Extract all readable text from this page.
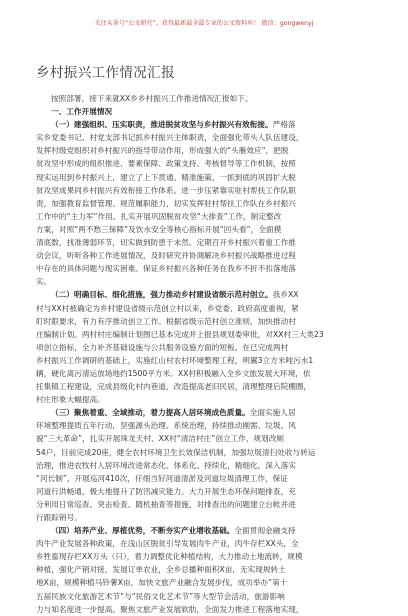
关注头条号“公文研究”，获得最新最全最专业的公文资料库！ 微信：gongwenyj
乡村振兴工作情况汇报
按照部署，接下来就XX乡乡村振兴工作推进情况汇报如下。
一、工作开展情况
（一）建强组织、压实职责，推进脱贫攻坚与乡村振兴有效衔接。严格落
实乡党委书记、村党支部书记抓乡村振兴主体职责，全面强化带头人队伍建设，
发挥村级党组织对乡村振兴的指导带动作用，形成强大的“头雁效应”，把脱
贫攻坚中形成的组织推进、要素保障、政策支持、考核督导等工作机制，按照
现实运用到乡村振兴上，建立了上下贯通、精准施策、一抓到底的巩固扩大脱
贫攻坚成果同乡村振兴有效衔接工作体系。进一步压紧靠实驻村帮扶工作队职
责，加强教育监督管理、规范履职能力，切实发挥驻村帮扶工作队在乡村振兴
工作中的“主力军”作用。扎实开展巩固脱贫攻坚“大排查”工作，制定整改
方案，对照“两不愁三保障”及饮水安全等核心指标开展“回头看”，全面摸
清底数，找准薄弱环节，切实做到防患于未然。定期召开乡村振兴着重工作推
动会议，听听各种工作进展情况，及时研究并协调解决乡村振兴战略推进过程
中存在的具体问题与现实困难。保证乡村振兴各种任务在我乡不折不扣落地落
实。
（二）明确目标、细化措施，强力推动乡村建设省级示范村创立。我乡XX
村与XX村被确定为乡村建设省级示范创立村以来，乡党委、政府高度重视，紧
盯时限要求，有力有序推动创立工作。根据省级示范村创立准则，加快推动村
庄编制计划。两村村庄编制计划图已基本完成并上报县规划委审批，对XX村三大类23
项创立指标，全力补齐基础设施与公共服务设施方面的短板。在已完成两村
乡村振兴工作调研的基础上，实施红山村农村环境整理工程，明翼3立方米吨污水1
辆，硬化离污清运放场地约1500平方米。XX村积极融入全乡文旅发展大环境，依
托集镇工程建设，完成县级化村内巷道，改造提高老旧民居，清理整理后院棚圈，
村庄形象大幅提高。
（三）聚焦着重、全域推动，着力提高人居环境成色质量。全面实施人居
环境整理提质五年行动，坚强源头治理、系统治理，持续推动刚需、垃圾、风
貌“三大革命”，扎实开展珠龙天村、XX村“清洁村庄”创立工作，规划改厕
54户，目前完成20座，健全农村环境卫生长效保洁机制，加强垃圾清扫处收与转运
治理，推进农牧村人居环境改进常态化、体系化、持续化，精细化，深入落实
“河长制”，开展巡河410次，仔细当好河道清淤及河道垃圾清理工作，保证
河道行洪畅通，极大地提升了防汛减灾能力。大力开展生态环保问题排查，充
分利用日常巡查、突击检查、随机抽查等措施，对排查出的问题建立台帐并进
行跟踪销号。
（四）培养产业、厚植优势，不断夯实产业增收基础。全面贯彻金融支持
肉牛产业发展各种政策，在浅山区脱贫引导发展肉牛产业，肉牛存栏XX头，全
乡牲畜现存栏XX万头（只），着力调整优化种植结构，大力推动土地流转，规模
种植，强化产销对接，发展订单农业，全乡总播种面积X亩，无实现规转土
地X亩，规模种植马铃薯X亩，加快文旅产业融合发展步伐，成功举办“第十
五届民族文化旅游艺术节”与“民俗文化艺术节”等大型节会活动，旅游影响
力与知名度进一步提高。聚焦文旅产业发展软肋，全面发力推进工程落地实现，
